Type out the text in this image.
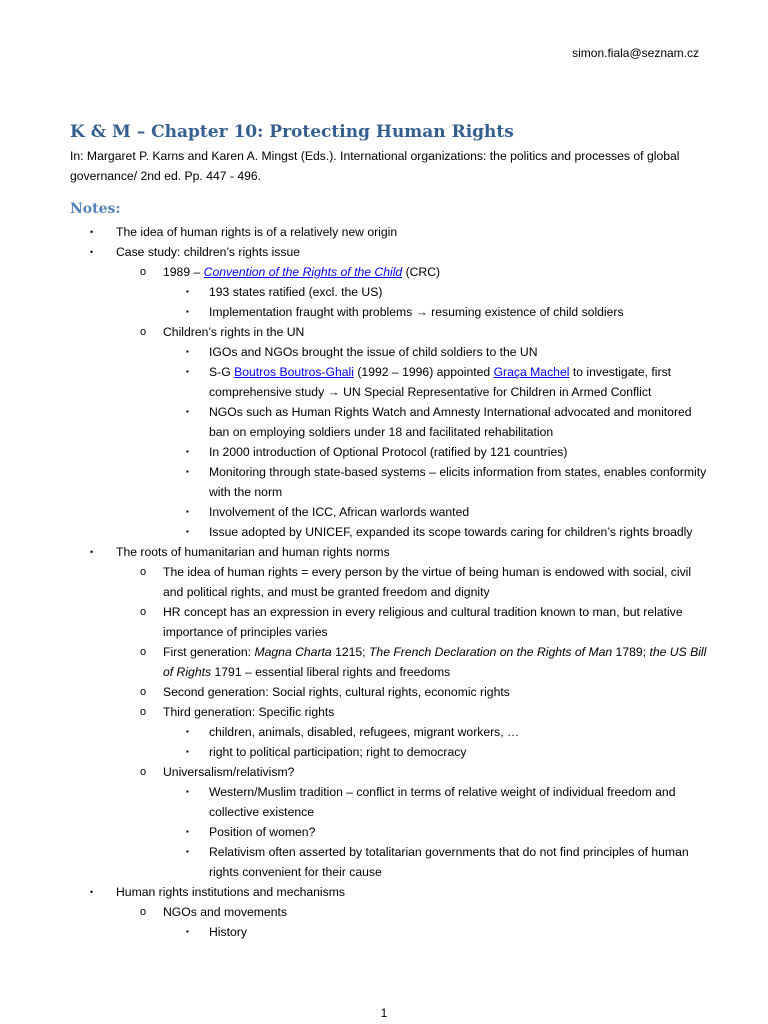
simon.fiala@seznam.cz
K & M – Chapter 10: Protecting Human Rights
In: Margaret P. Karns and Karen A. Mingst (Eds.). International organizations: the politics and processes of global governance/ 2nd ed. Pp. 447 - 496.
Notes:
• The idea of human rights is of a relatively new origin
• Case study: children’s rights issue
o 1989 – Convention of the Rights of the Child (CRC)
▪ 193 states ratified (excl. the US)
▪ Implementation fraught with problems → resuming existence of child soldiers
o Children’s rights in the UN
▪ IGOs and NGOs brought the issue of child soldiers to the UN
▪ S-G Boutros Boutros-Ghali (1992 – 1996) appointed Graça Machel to investigate, first comprehensive study → UN Special Representative for Children in Armed Conflict
▪ NGOs such as Human Rights Watch and Amnesty International advocated and monitored ban on employing soldiers under 18 and facilitated rehabilitation
▪ In 2000 introduction of Optional Protocol (ratified by 121 countries)
▪ Monitoring through state-based systems – elicits information from states, enables conformity with the norm
▪ Involvement of the ICC, African warlords wanted
▪ Issue adopted by UNICEF, expanded its scope towards caring for children’s rights broadly
• The roots of humanitarian and human rights norms
o The idea of human rights = every person by the virtue of being human is endowed with social, civil and political rights, and must be granted freedom and dignity
o HR concept has an expression in every religious and cultural tradition known to man, but relative importance of principles varies
o First generation: Magna Charta 1215; The French Declaration on the Rights of Man 1789; the US Bill of Rights 1791 – essential liberal rights and freedoms
o Second generation: Social rights, cultural rights, economic rights
o Third generation: Specific rights
▪ children, animals, disabled, refugees, migrant workers, …
▪ right to political participation; right to democracy
o Universalism/relativism?
▪ Western/Muslim tradition – conflict in terms of relative weight of individual freedom and collective existence
▪ Position of women?
▪ Relativism often asserted by totalitarian governments that do not find principles of human rights convenient for their cause
• Human rights institutions and mechanisms
o NGOs and movements
▪ History
1
